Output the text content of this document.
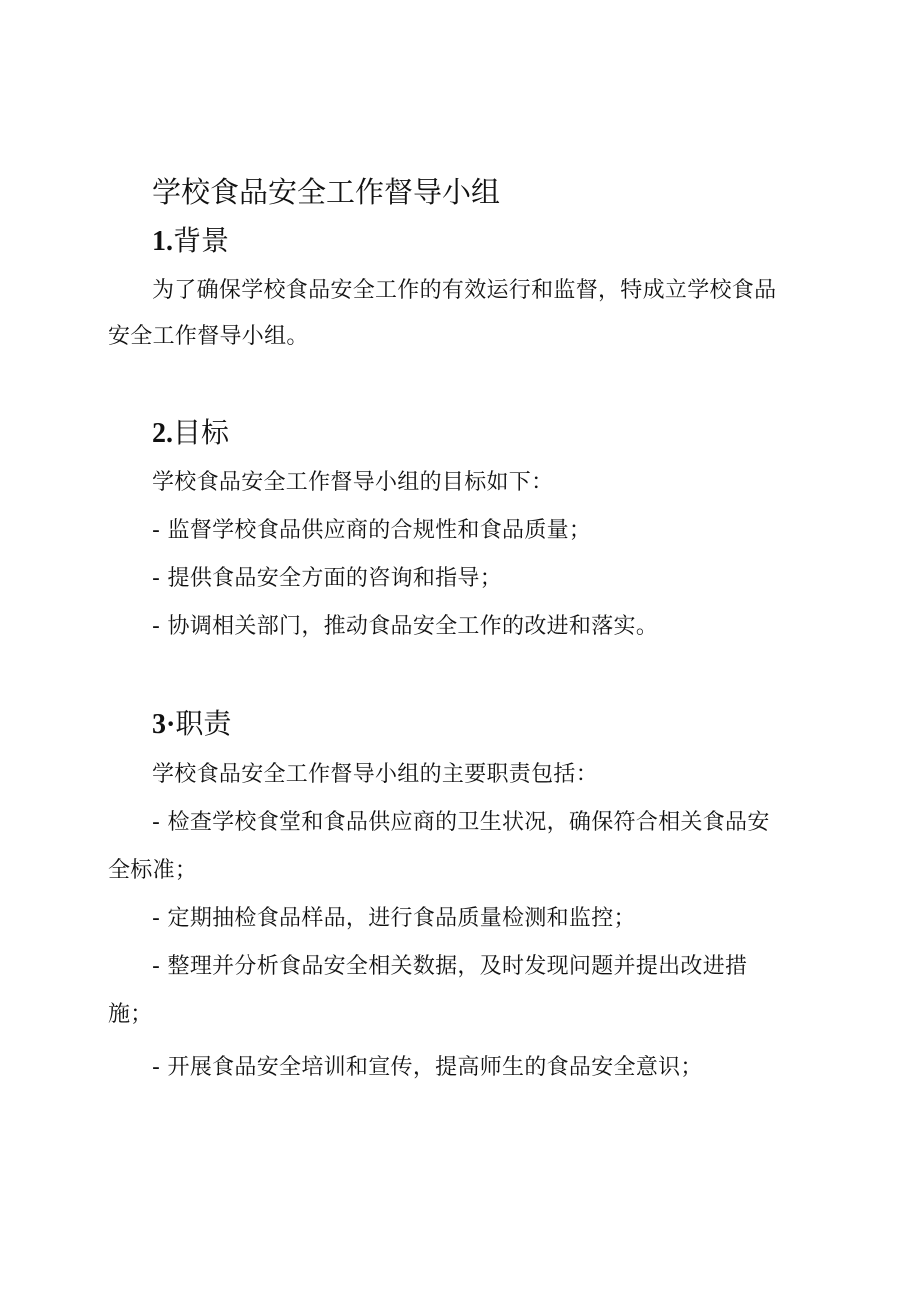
学校食品安全工作督导小组
1.背景
为了确保学校食品安全工作的有效运行和监督，特成立学校食品
安全工作督导小组。
2.目标
学校食品安全工作督导小组的目标如下：
- 监督学校食品供应商的合规性和食品质量；
- 提供食品安全方面的咨询和指导；
- 协调相关部门，推动食品安全工作的改进和落实。
3·职责
学校食品安全工作督导小组的主要职责包括：
- 检查学校食堂和食品供应商的卫生状况，确保符合相关食品安
全标准；
- 定期抽检食品样品，进行食品质量检测和监控；
- 整理并分析食品安全相关数据，及时发现问题并提出改进措
施；
- 开展食品安全培训和宣传，提高师生的食品安全意识；
